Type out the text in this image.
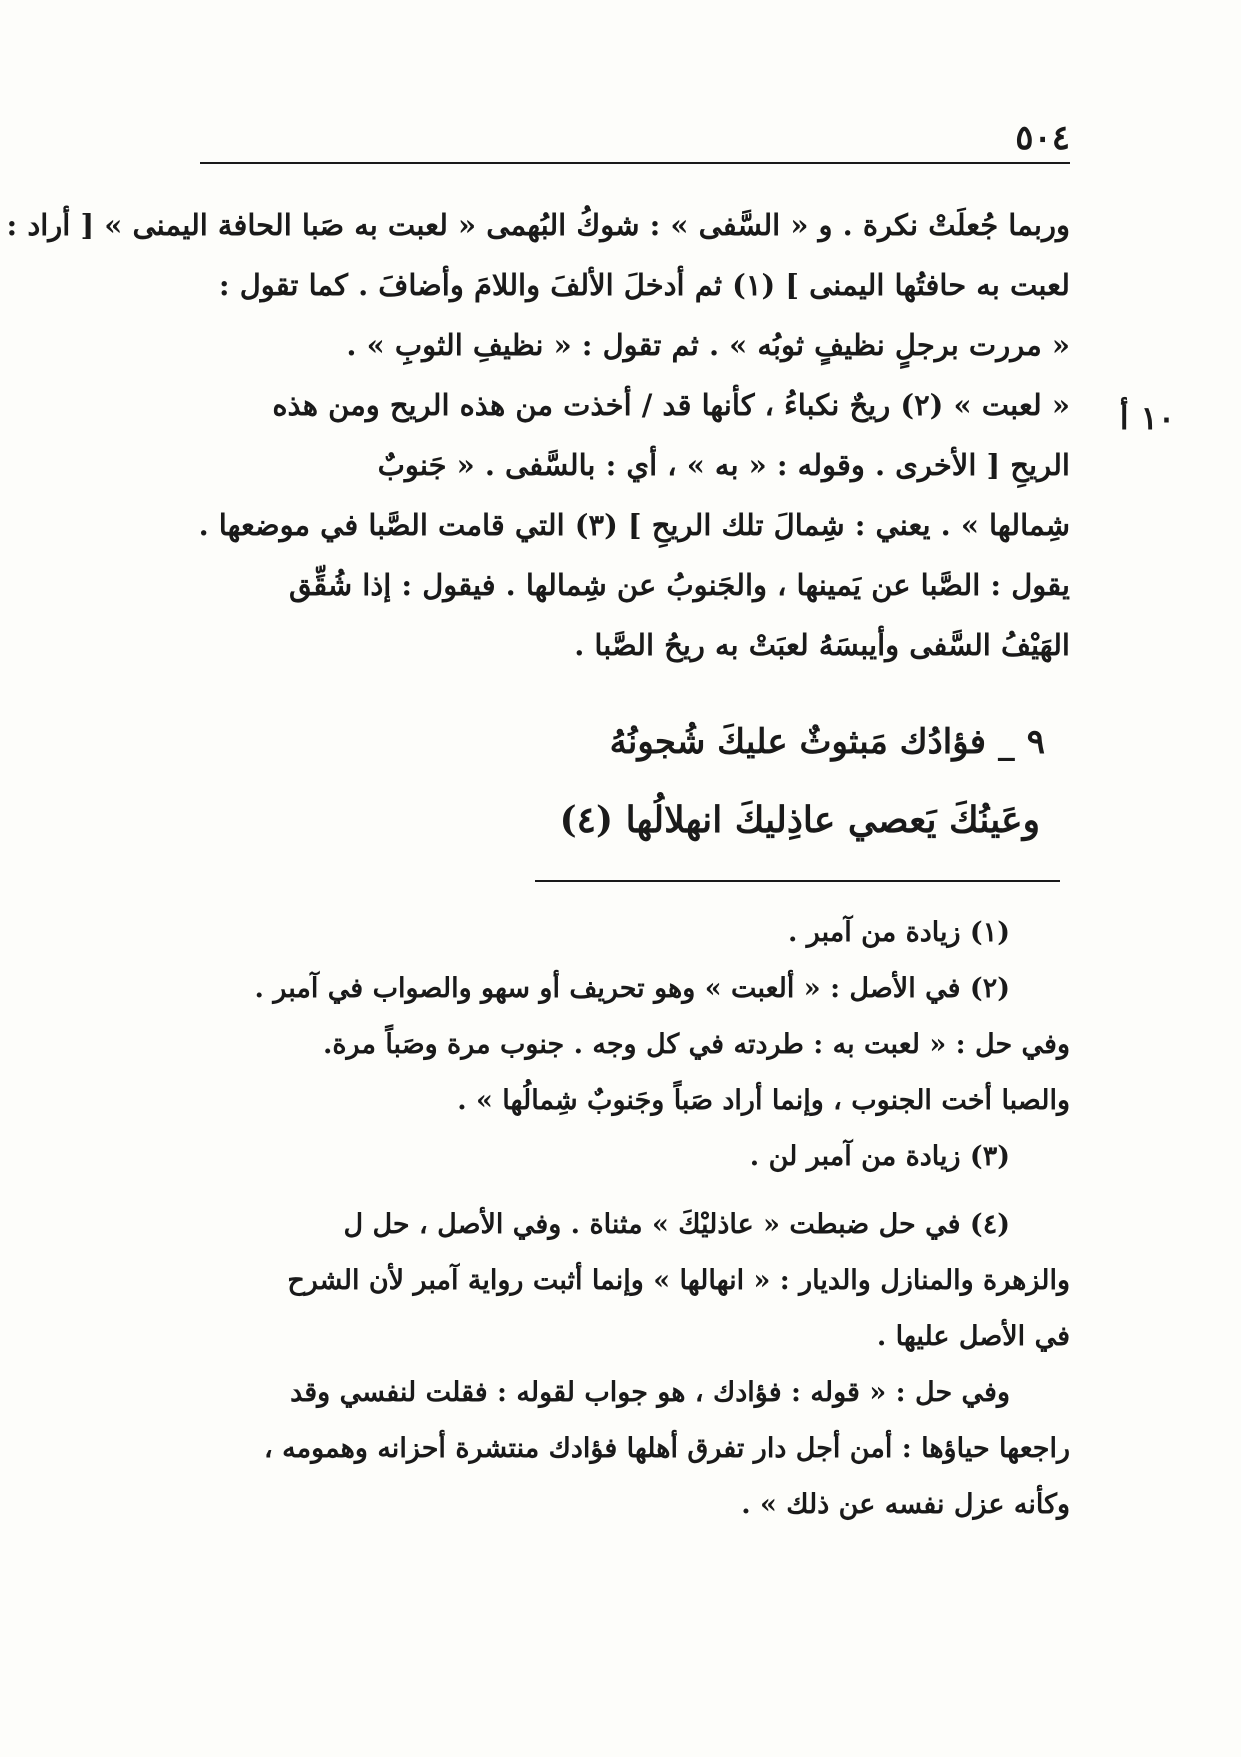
٥٠٤
وربما جُعلَتْ نكرة . و « السَّفى » : شوكُ البُهمى « لعبت به صَبا الحافة اليمنى » [ أراد :
لعبت به حافتُها اليمنى ] (١) ثم أدخلَ الألفَ واللامَ وأضافَ . كما تقول :
« مررت برجلٍ نظيفٍ ثوبُه » . ثم تقول : « نظيفِ الثوبِ » .
« لعبت » (٢) ريحٌ نكباءُ ، كأنها قد / أخذت من هذه الريح ومن هذه
الريحِ [ الأخرى . وقوله : « به » ، أي : بالسَّفى . « جَنوبٌ
شِمالها » . يعني : شِمالَ تلك الريحِ ] (٣) التي قامت الصَّبا في موضعها .
يقول : الصَّبا عن يَمينها ، والجَنوبُ عن شِمالها . فيقول : إذا شُقِّق
الهَيْفُ السَّفى وأيبسَهُ لعبَتْ به ريحُ الصَّبا .
١٠
أ
٩ _ فؤادُك مَبثوثٌ عليكَ شُجونُهُ
وعَينُكَ يَعصي عاذِليكَ انهلالُها (٤)
(١) زيادة من آمبر .
(٢) في الأصل : « ألعبت » وهو تحريف أو سهو والصواب في آمبر .
وفي حل : « لعبت به : طردته في كل وجه . جنوب مرة وصَباً مرة.
والصبا أخت الجنوب ، وإنما أراد صَباً وجَنوبٌ شِمالُها » .
(٣) زيادة من آمبر لن .
(٤) في حل ضبطت « عاذليْكَ » مثناة . وفي الأصل ، حل ل
والزهرة والمنازل والديار : « انهالها » وإنما أثبت رواية آمبر لأن الشرح
في الأصل عليها .
وفي حل : « قوله : فؤادك ، هو جواب لقوله : فقلت لنفسي وقد
راجعها حياؤها : أمن أجل دار تفرق أهلها فؤادك منتشرة أحزانه وهمومه ،
وكأنه عزل نفسه عن ذلك » .
